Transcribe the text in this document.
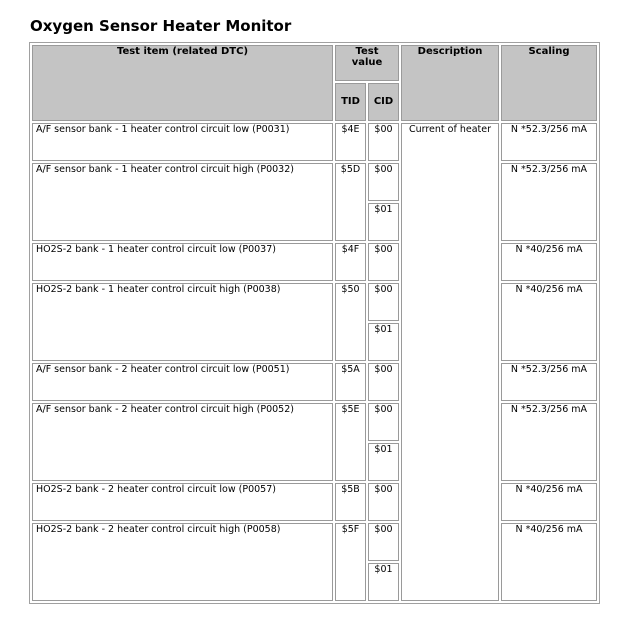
Oxygen Sensor Heater Monitor
Test item (related DTC)	Test value		Description	Scaling
	TID	CID		
A/F sensor bank - 1 heater control circuit low (P0031)	$4E	$00	Current of heater	N *52.3/256 mA
A/F sensor bank - 1 heater control circuit high (P0032)	$5D	$00		N *52.3/256 mA
		$01		
HO2S-2 bank - 1 heater control circuit low (P0037)	$4F	$00		N *40/256 mA
HO2S-2 bank - 1 heater control circuit high (P0038)	$50	$00		N *40/256 mA
		$01		
A/F sensor bank - 2 heater control circuit low (P0051)	$5A	$00		N *52.3/256 mA
A/F sensor bank - 2 heater control circuit high (P0052)	$5E	$00		N *52.3/256 mA
		$01		
HO2S-2 bank - 2 heater control circuit low (P0057)	$5B	$00		N *40/256 mA
HO2S-2 bank - 2 heater control circuit high (P0058)	$5F	$00		N *40/256 mA
		$01		
